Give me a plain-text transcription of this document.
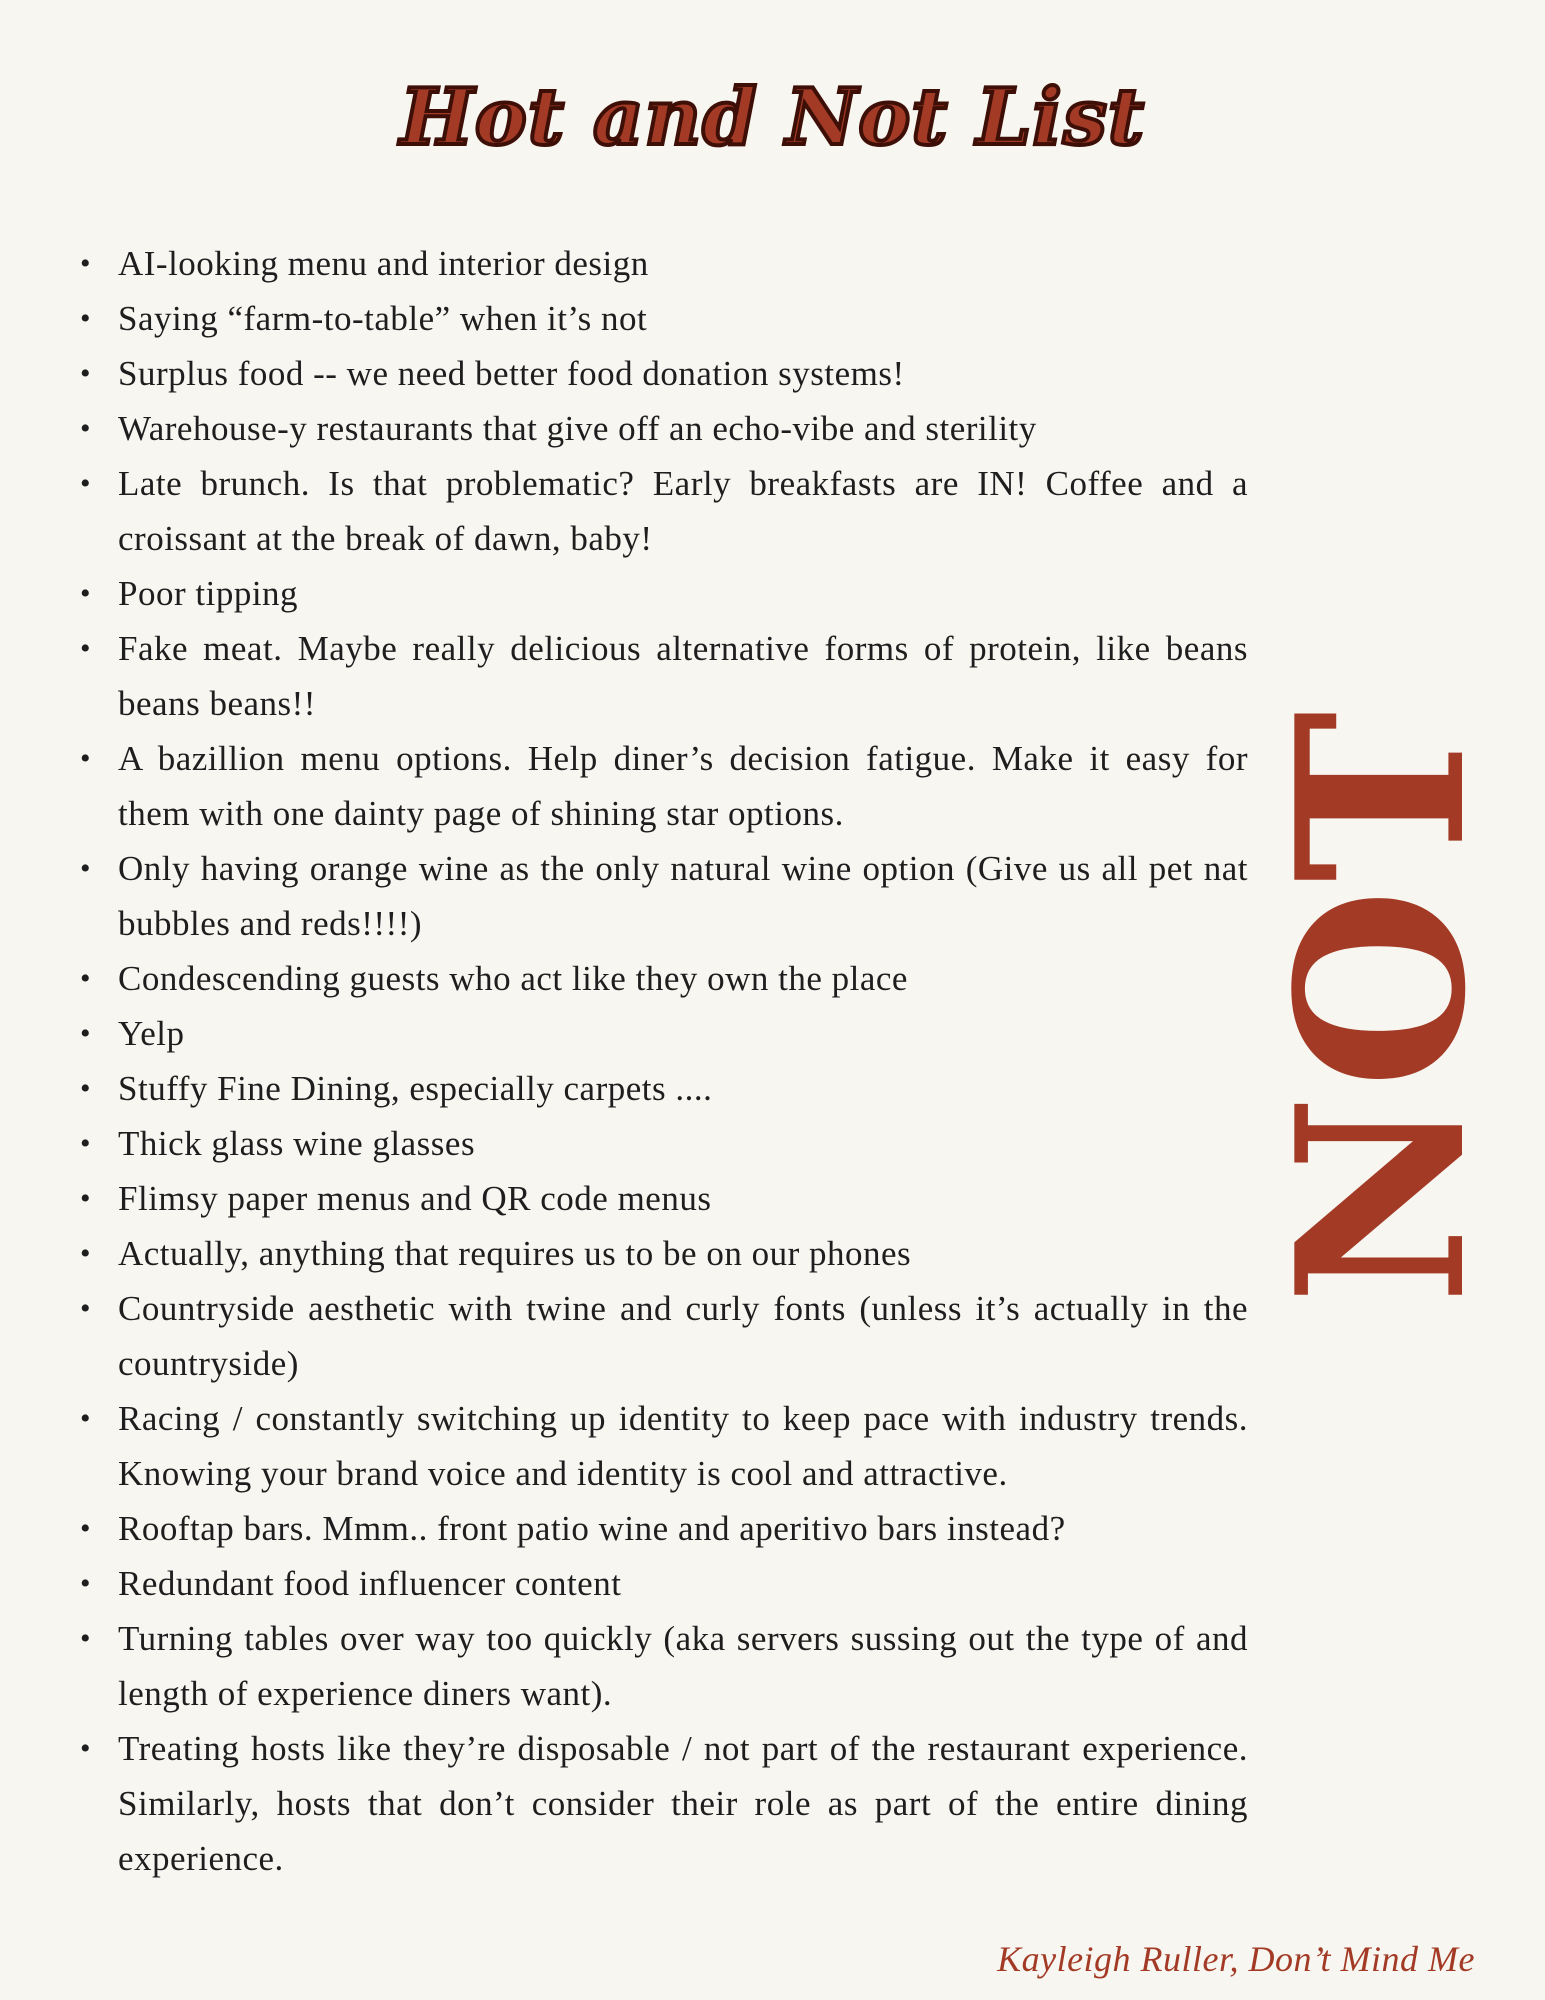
Hot and Not List
NOT
• AI-looking menu and interior design
• Saying “farm-to-table” when it’s not
• Surplus food -- we need better food donation systems!
• Warehouse-y restaurants that give off an echo-vibe and sterility
• Late brunch. Is that problematic? Early breakfasts are IN! Coffee and a croissant at the break of dawn, baby!
• Poor tipping
• Fake meat. Maybe really delicious alternative forms of protein, like beans beans beans!!
• A bazillion menu options. Help diner’s decision fatigue. Make it easy for them with one dainty page of shining star options.
• Only having orange wine as the only natural wine option (Give us all pet nat bubbles and reds!!!!)
• Condescending guests who act like they own the place
• Yelp
• Stuffy Fine Dining, especially carpets ....
• Thick glass wine glasses
• Flimsy paper menus and QR code menus
• Actually, anything that requires us to be on our phones
• Countryside aesthetic with twine and curly fonts (unless it’s actually in the countryside)
• Racing / constantly switching up identity to keep pace with industry trends. Knowing your brand voice and identity is cool and attractive.
• Rooftap bars. Mmm.. front patio wine and aperitivo bars instead?
• Redundant food influencer content
• Turning tables over way too quickly (aka servers sussing out the type of and length of experience diners want).
• Treating hosts like they’re disposable / not part of the restaurant experience. Similarly, hosts that don’t consider their role as part of the entire dining experience.
Kayleigh Ruller, Don’t Mind Me
